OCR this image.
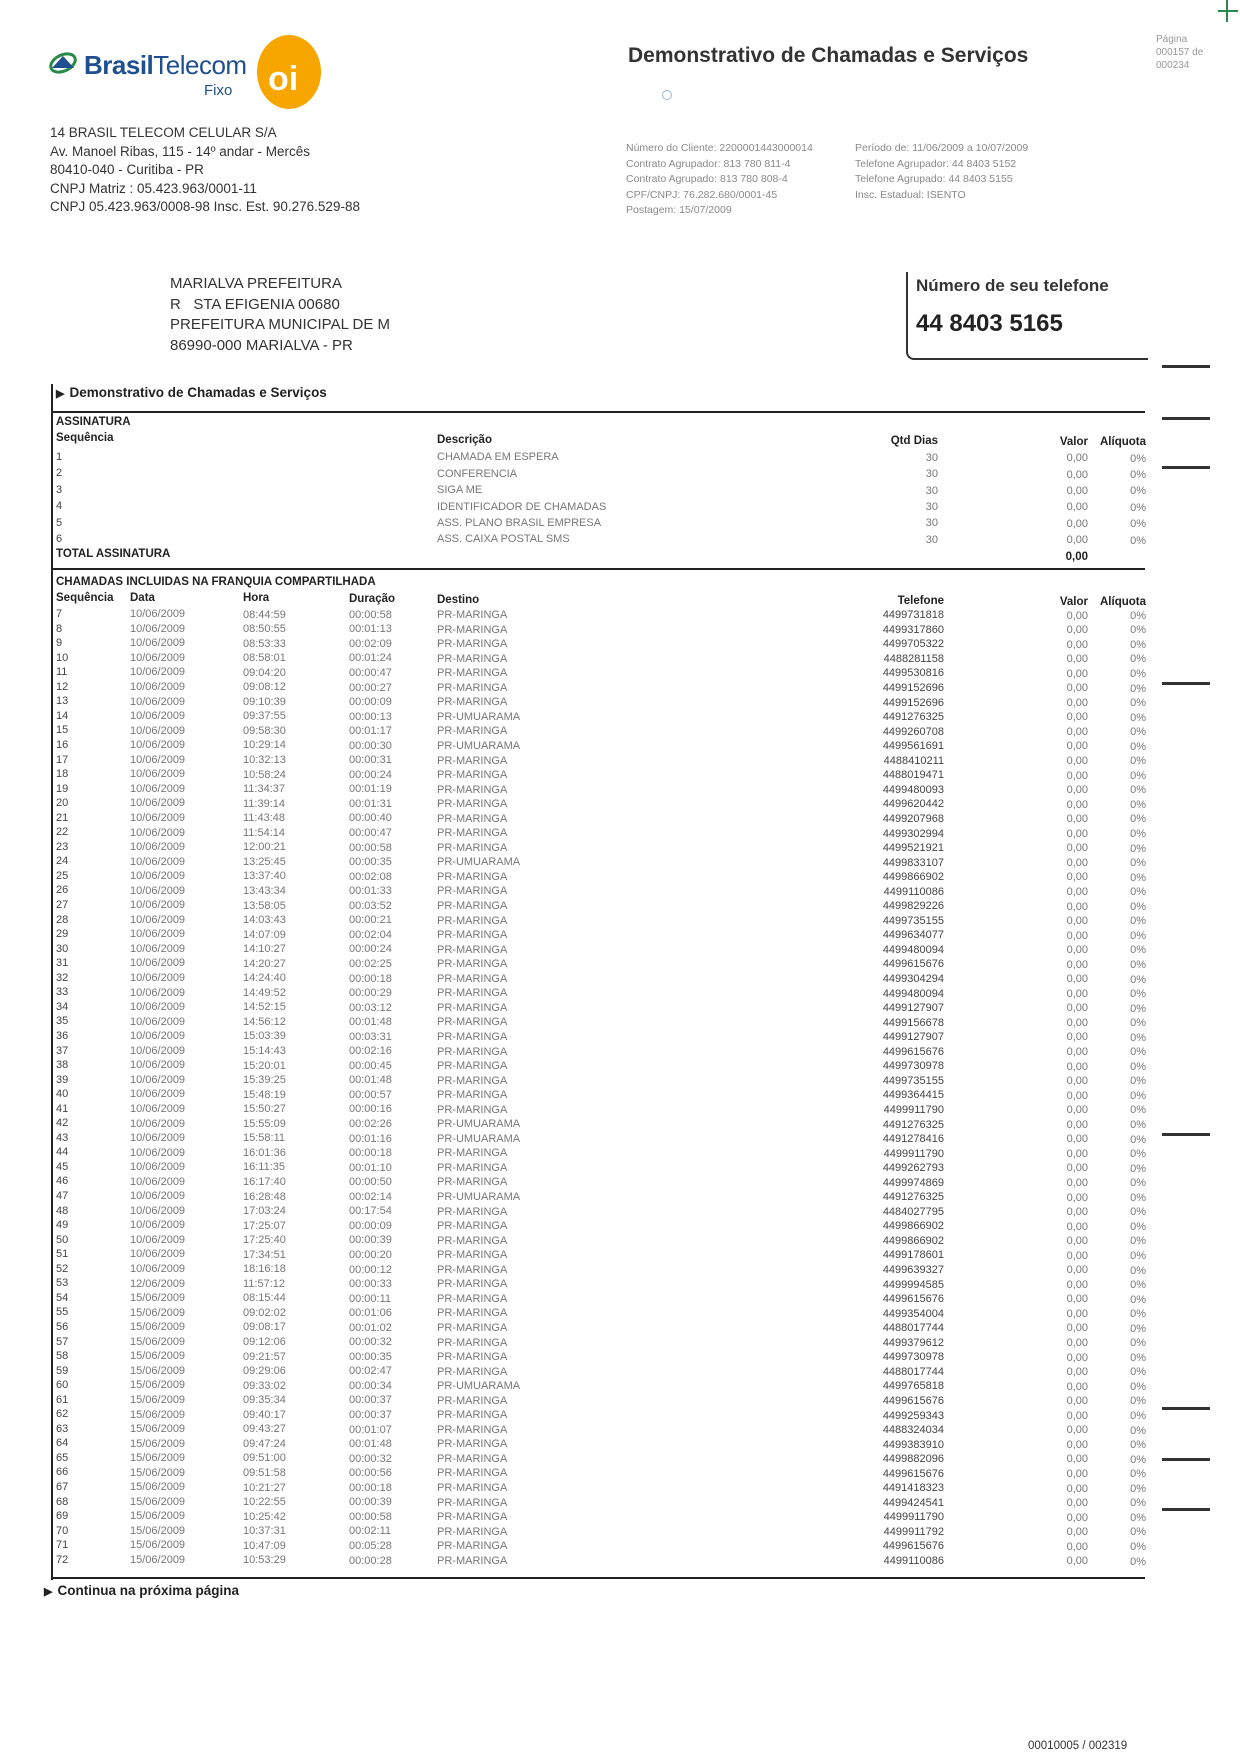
BrasilTelecom
Fixo oi
14 BRASIL TELECOM CELULAR S/A
Av. Manoel Ribas, 115 - 14º andar - Mercês
80410-040 - Curitiba - PR
CNPJ Matriz : 05.423.963/0001-11
CNPJ 05.423.963/0008-98 Insc. Est. 90.276.529-88
Demonstrativo de Chamadas e Serviços
Página
000157 de
000234
Número do Cliente: 2200001443000014
Contrato Agrupador: 813 780 811-4
Contrato Agrupado: 813 780 808-4
CPF/CNPJ: 76.282.680/0001-45
Postagem: 15/07/2009
Período de: 11/06/2009 a 10/07/2009
Telefone Agrupador: 44 8403 5152
Telefone Agrupado: 44 8403 5155
Insc. Estadual: ISENTO
MARIALVA PREFEITURA
R   STA EFIGENIA 00680
PREFEITURA MUNICIPAL DE M
86990-000 MARIALVA - PR
Número de seu telefone
44 8403 5165
▶ Demonstrativo de Chamadas e Serviços
ASSINATURA
Sequência	Descrição	Qtd Dias	Valor	Alíquota
1	CHAMADA EM ESPERA	30	0,00	0%
2	CONFERENCIA	30	0,00	0%
3	SIGA ME	30	0,00	0%
4	IDENTIFICADOR DE CHAMADAS	30	0,00	0%
5	ASS. PLANO BRASIL EMPRESA	30	0,00	0%
6	ASS. CAIXA POSTAL SMS	30	0,00	0%
TOTAL ASSINATURA	0,00
CHAMADAS INCLUIDAS NA FRANQUIA COMPARTILHADA
Sequência Data	Hora	Duração	Destino	Telefone	Valor	Alíquota
7	10/06/2009	08:44:59	00:00:58	PR-MARINGA	4499731818	0,00	0%
8	10/06/2009	08:50:55	00:01:13	PR-MARINGA	4499317860	0,00	0%
9	10/06/2009	08:53:33	00:02:09	PR-MARINGA	4499705322	0,00	0%
10	10/06/2009	08:58:01	00:01:24	PR-MARINGA	4488281158	0,00	0%
11	10/06/2009	09:04:20	00:00:47	PR-MARINGA	4499530816	0,00	0%
12	10/06/2009	09:08:12	00:00:27	PR-MARINGA	4499152696	0,00	0%
13	10/06/2009	09:10:39	00:00:09	PR-MARINGA	4499152696	0,00	0%
14	10/06/2009	09:37:55	00:00:13	PR-UMUARAMA	4491276325	0,00	0%
15	10/06/2009	09:58:30	00:01:17	PR-MARINGA	4499260708	0,00	0%
16	10/06/2009	10:29:14	00:00:30	PR-UMUARAMA	4499561691	0,00	0%
17	10/06/2009	10:32:13	00:00:31	PR-MARINGA	4488410211	0,00	0%
18	10/06/2009	10:58:24	00:00:24	PR-MARINGA	4488019471	0,00	0%
19	10/06/2009	11:34:37	00:01:19	PR-MARINGA	4499480093	0,00	0%
20	10/06/2009	11:39:14	00:01:31	PR-MARINGA	4499620442	0,00	0%
21	10/06/2009	11:43:48	00:00:40	PR-MARINGA	4499207968	0,00	0%
22	10/06/2009	11:54:14	00:00:47	PR-MARINGA	4499302994	0,00	0%
23	10/06/2009	12:00:21	00:00:58	PR-MARINGA	4499521921	0,00	0%
24	10/06/2009	13:25:45	00:00:35	PR-UMUARAMA	4499833107	0,00	0%
25	10/06/2009	13:37:40	00:02:08	PR-MARINGA	4499866902	0,00	0%
26	10/06/2009	13:43:34	00:01:33	PR-MARINGA	4499110086	0,00	0%
27	10/06/2009	13:58:05	00:03:52	PR-MARINGA	4499829226	0,00	0%
28	10/06/2009	14:03:43	00:00:21	PR-MARINGA	4499735155	0,00	0%
29	10/06/2009	14:07:09	00:02:04	PR-MARINGA	4499634077	0,00	0%
30	10/06/2009	14:10:27	00:00:24	PR-MARINGA	4499480094	0,00	0%
31	10/06/2009	14:20:27	00:02:25	PR-MARINGA	4499615676	0,00	0%
32	10/06/2009	14:24:40	00:00:18	PR-MARINGA	4499304294	0,00	0%
33	10/06/2009	14:49:52	00:00:29	PR-MARINGA	4499480094	0,00	0%
34	10/06/2009	14:52:15	00:03:12	PR-MARINGA	4499127907	0,00	0%
35	10/06/2009	14:56:12	00:01:48	PR-MARINGA	4499156678	0,00	0%
36	10/06/2009	15:03:39	00:03:31	PR-MARINGA	4499127907	0,00	0%
37	10/06/2009	15:14:43	00:02:16	PR-MARINGA	4499615676	0,00	0%
38	10/06/2009	15:20:01	00:00:45	PR-MARINGA	4499730978	0,00	0%
39	10/06/2009	15:39:25	00:01:48	PR-MARINGA	4499735155	0,00	0%
40	10/06/2009	15:48:19	00:00:57	PR-MARINGA	4499364415	0,00	0%
41	10/06/2009	15:50:27	00:00:16	PR-MARINGA	4499911790	0,00	0%
42	10/06/2009	15:55:09	00:02:26	PR-UMUARAMA	4491276325	0,00	0%
43	10/06/2009	15:58:11	00:01:16	PR-UMUARAMA	4491278416	0,00	0%
44	10/06/2009	16:01:36	00:00:18	PR-MARINGA	4499911790	0,00	0%
45	10/06/2009	16:11:35	00:01:10	PR-MARINGA	4499262793	0,00	0%
46	10/06/2009	16:17:40	00:00:50	PR-MARINGA	4499974869	0,00	0%
47	10/06/2009	16:28:48	00:02:14	PR-UMUARAMA	4491276325	0,00	0%
48	10/06/2009	17:03:24	00:17:54	PR-MARINGA	4484027795	0,00	0%
49	10/06/2009	17:25:07	00:00:09	PR-MARINGA	4499866902	0,00	0%
50	10/06/2009	17:25:40	00:00:39	PR-MARINGA	4499866902	0,00	0%
51	10/06/2009	17:34:51	00:00:20	PR-MARINGA	4499178601	0,00	0%
52	10/06/2009	18:16:18	00:00:12	PR-MARINGA	4499639327	0,00	0%
53	12/06/2009	11:57:12	00:00:33	PR-MARINGA	4499994585	0,00	0%
54	15/06/2009	08:15:44	00:00:11	PR-MARINGA	4499615676	0,00	0%
55	15/06/2009	09:02:02	00:01:06	PR-MARINGA	4499354004	0,00	0%
56	15/06/2009	09:08:17	00:01:02	PR-MARINGA	4488017744	0,00	0%
57	15/06/2009	09:12:06	00:00:32	PR-MARINGA	4499379612	0,00	0%
58	15/06/2009	09:21:57	00:00:35	PR-MARINGA	4499730978	0,00	0%
59	15/06/2009	09:29:06	00:02:47	PR-MARINGA	4488017744	0,00	0%
60	15/06/2009	09:33:02	00:00:34	PR-UMUARAMA	4499765818	0,00	0%
61	15/06/2009	09:35:34	00:00:37	PR-MARINGA	4499615676	0,00	0%
62	15/06/2009	09:40:17	00:00:37	PR-MARINGA	4499259343	0,00	0%
63	15/06/2009	09:43:27	00:01:07	PR-MARINGA	4488324034	0,00	0%
64	15/06/2009	09:47:24	00:01:48	PR-MARINGA	4499383910	0,00	0%
65	15/06/2009	09:51:00	00:00:32	PR-MARINGA	4499882096	0,00	0%
66	15/06/2009	09:51:58	00:00:56	PR-MARINGA	4499615676	0,00	0%
67	15/06/2009	10:21:27	00:00:18	PR-MARINGA	4491418323	0,00	0%
68	15/06/2009	10:22:55	00:00:39	PR-MARINGA	4499424541	0,00	0%
69	15/06/2009	10:25:42	00:00:58	PR-MARINGA	4499911790	0,00	0%
70	15/06/2009	10:37:31	00:02:11	PR-MARINGA	4499911792	0,00	0%
71	15/06/2009	10:47:09	00:05:28	PR-MARINGA	4499615676	0,00	0%
72	15/06/2009	10:53:29	00:00:28	PR-MARINGA	4499110086	0,00	0%
▶ Continua na próxima página
00010005 / 002319
